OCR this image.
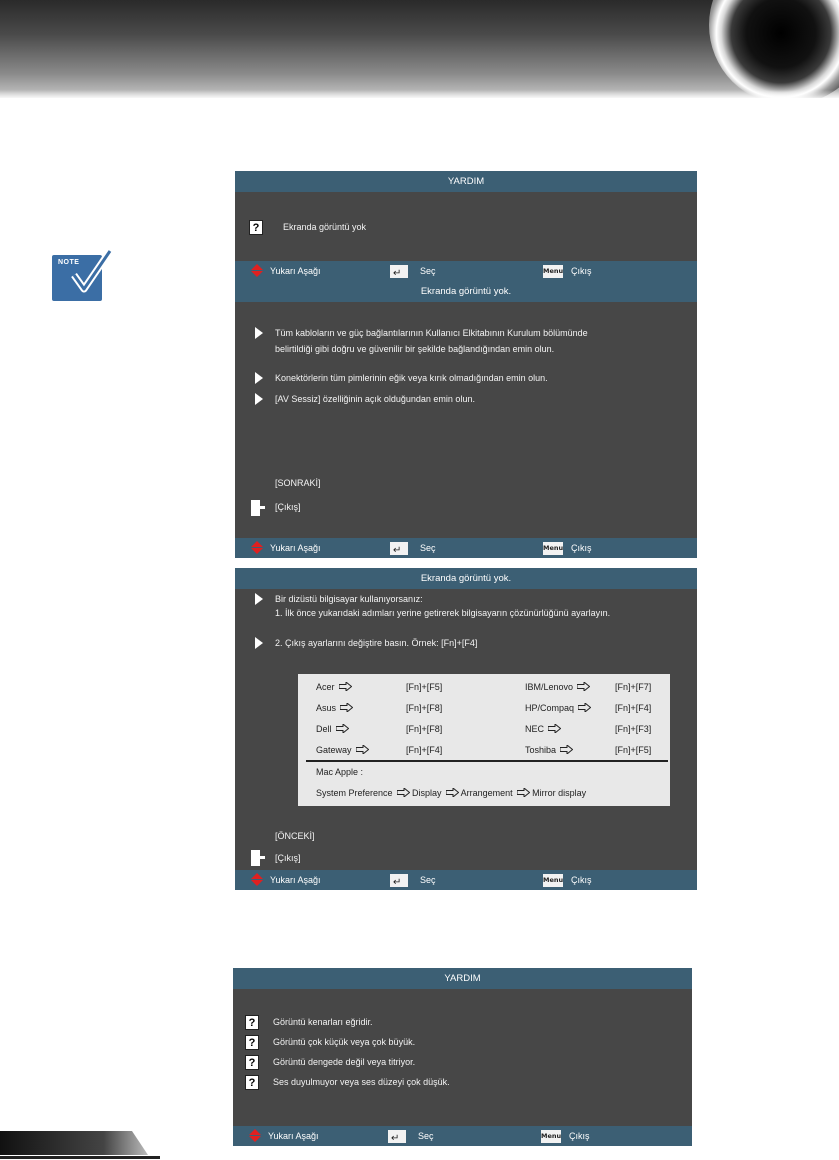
NOTE
YARDIM
?	Ekranda görüntü yok
Yukarı Aşağı	↵ Seç	Menu Çıkış
Ekranda görüntü yok.
Tüm kabloların ve güç bağlantılarının Kullanıcı Elkitabının Kurulum bölümünde
belirtildiği gibi doğru ve güvenilir bir şekilde bağlandığından emin olun.
Konektörlerin tüm pimlerinin eğik veya kırık olmadığından emin olun.
[AV Sessiz] özelliğinin açık olduğundan emin olun.
[SONRAKİ]
[Çıkış]
Yukarı Aşağı	↵ Seç	Menu Çıkış
Ekranda görüntü yok.
Bir dizüstü bilgisayar kullanıyorsanız:
1. İlk önce yukarıdaki adımları yerine getirerek bilgisayarın çözünürlüğünü ayarlayın.
2. Çıkış ayarlarını değiştire basın. Örnek: [Fn]+[F4]
Acer	[Fn]+[F5]	IBM/Lenovo	[Fn]+[F7]
Asus	[Fn]+[F8]	HP/Compaq	[Fn]+[F4]
Dell	[Fn]+[F8]	NEC	[Fn]+[F3]
Gateway	[Fn]+[F4]	Toshiba	[Fn]+[F5]
Mac Apple :
System Preference Display Arrangement Mirror display
[ÖNCEKİ]
[Çıkış]
Yukarı Aşağı	↵ Seç	Menu Çıkış
YARDIM
?	Görüntü kenarları eğridir.
?	Görüntü çok küçük veya çok büyük.
?	Görüntü dengede değil veya titriyor.
?	Ses duyulmuyor veya ses düzeyi çok düşük.
Yukarı Aşağı	↵ Seç	Menu Çıkış
